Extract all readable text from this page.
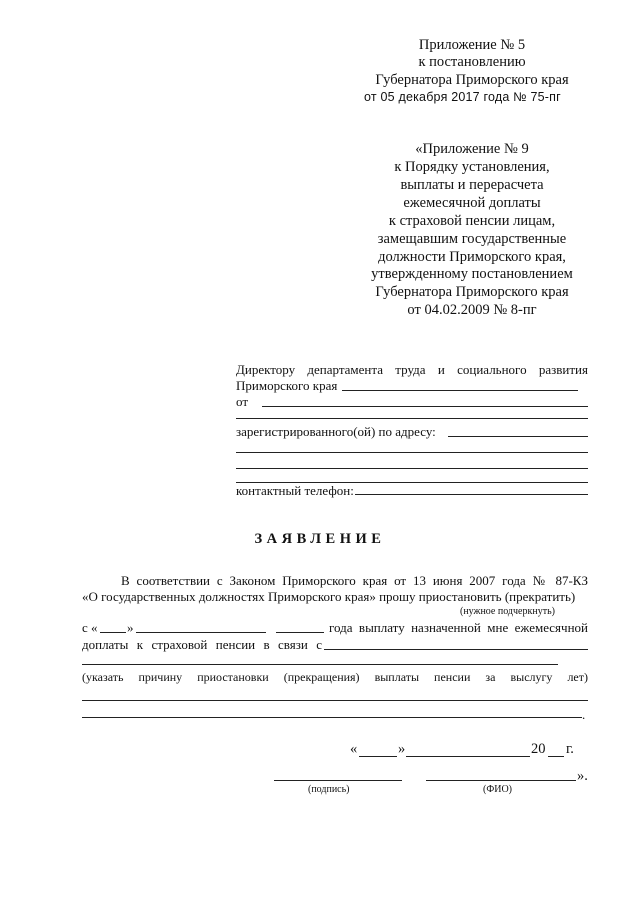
Приложение № 5
к постановлению
Губернатора Приморского края
от 05 декабря 2017 года № 75-пг
«Приложение № 9
к Порядку установления,
выплаты и перерасчета
ежемесячной доплаты
к страховой пенсии лицам,
замещавшим государственные
должности Приморского края,
утвержденному постановлением
Губернатора Приморского края
от 04.02.2009 № 8-пг
Директору департамента труда и социального развития
Приморского края
от
зарегистрированного(ой) по адресу:
контактный телефон:
ЗАЯВЛЕНИЕ
В соответствии с Законом Приморского края от 13 июня 2007 года № 87-КЗ
«О государственных должностях Приморского края» прошу приостановить (прекратить)
(нужное подчеркнуть)
с « »	года выплату назначенной мне ежемесячной
доплаты к страховой пенсии в связи с
(указать причину приостановки (прекращения) выплаты пенсии за выслугу лет)
.
«	»	20 г.
».
(подпись)	(ФИО)
